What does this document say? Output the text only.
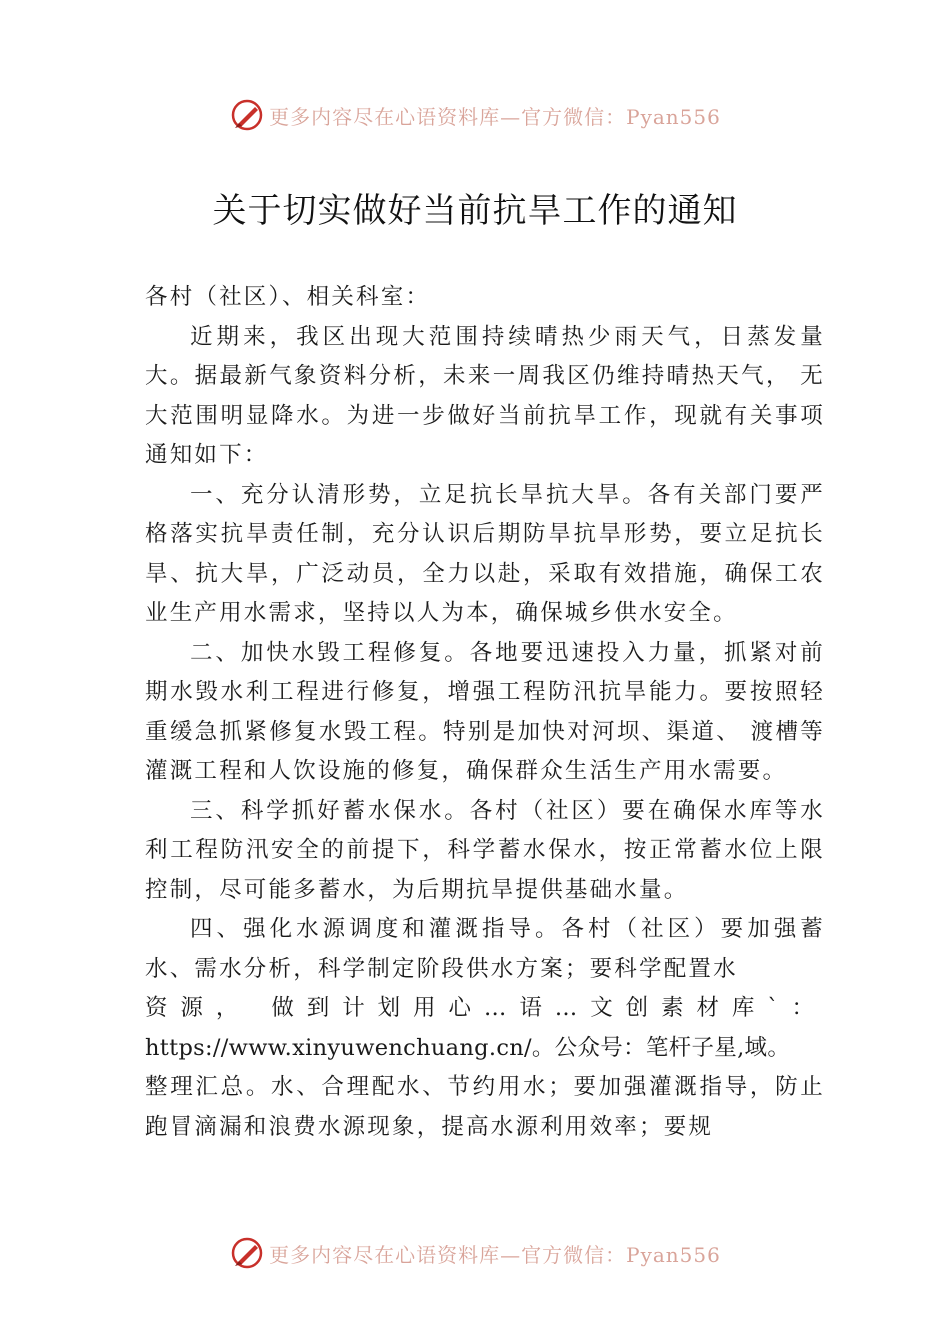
更多内容尽在心语资料库—官方微信：Pyan556
关于切实做好当前抗旱工作的通知

各村（社区）、相关科室：

近期来，我区出现大范围持续晴热少雨天气，日蒸发量大。据最新气象资料分析，未来一周我区仍维持晴热天气， 无大范围明显降水。为进一步做好当前抗旱工作，现就有关事项通知如下：

一、充分认清形势，立足抗长旱抗大旱。各有关部门要严格落实抗旱责任制，充分认识后期防旱抗旱形势，要立足抗长旱、抗大旱，广泛动员，全力以赴，采取有效措施，确保工农业生产用水需求，坚持以人为本，确保城乡供水安全。

二、加快水毁工程修复。各地要迅速投入力量，抓紧对前期水毁水利工程进行修复，增强工程防汛抗旱能力。要按照轻重缓急抓紧修复水毁工程。特别是加快对河坝、渠道、 渡槽等灌溉工程和人饮设施的修复，确保群众生活生产用水需要。

三、科学抓好蓄水保水。各村（社区）要在确保水库等水利工程防汛安全的前提下，科学蓄水保水，按正常蓄水位上限控制，尽可能多蓄水，为后期抗旱提供基础水量。

四、强化水源调度和灌溉指导。各村（社区）要加强蓄水、需水分析，科学制定阶段供水方案；要科学配置水

资源， 做到计划用心…语…文创素材库`：

https://www.xinyuwenchuang.cn/。公众号：笔杆子星,域。

整理汇总。水、合理配水、节约用水；要加强灌溉指导，防止跑冒滴漏和浪费水源现象，提高水源利用效率；要规

更多内容尽在心语资料库—官方微信：Pyan556
